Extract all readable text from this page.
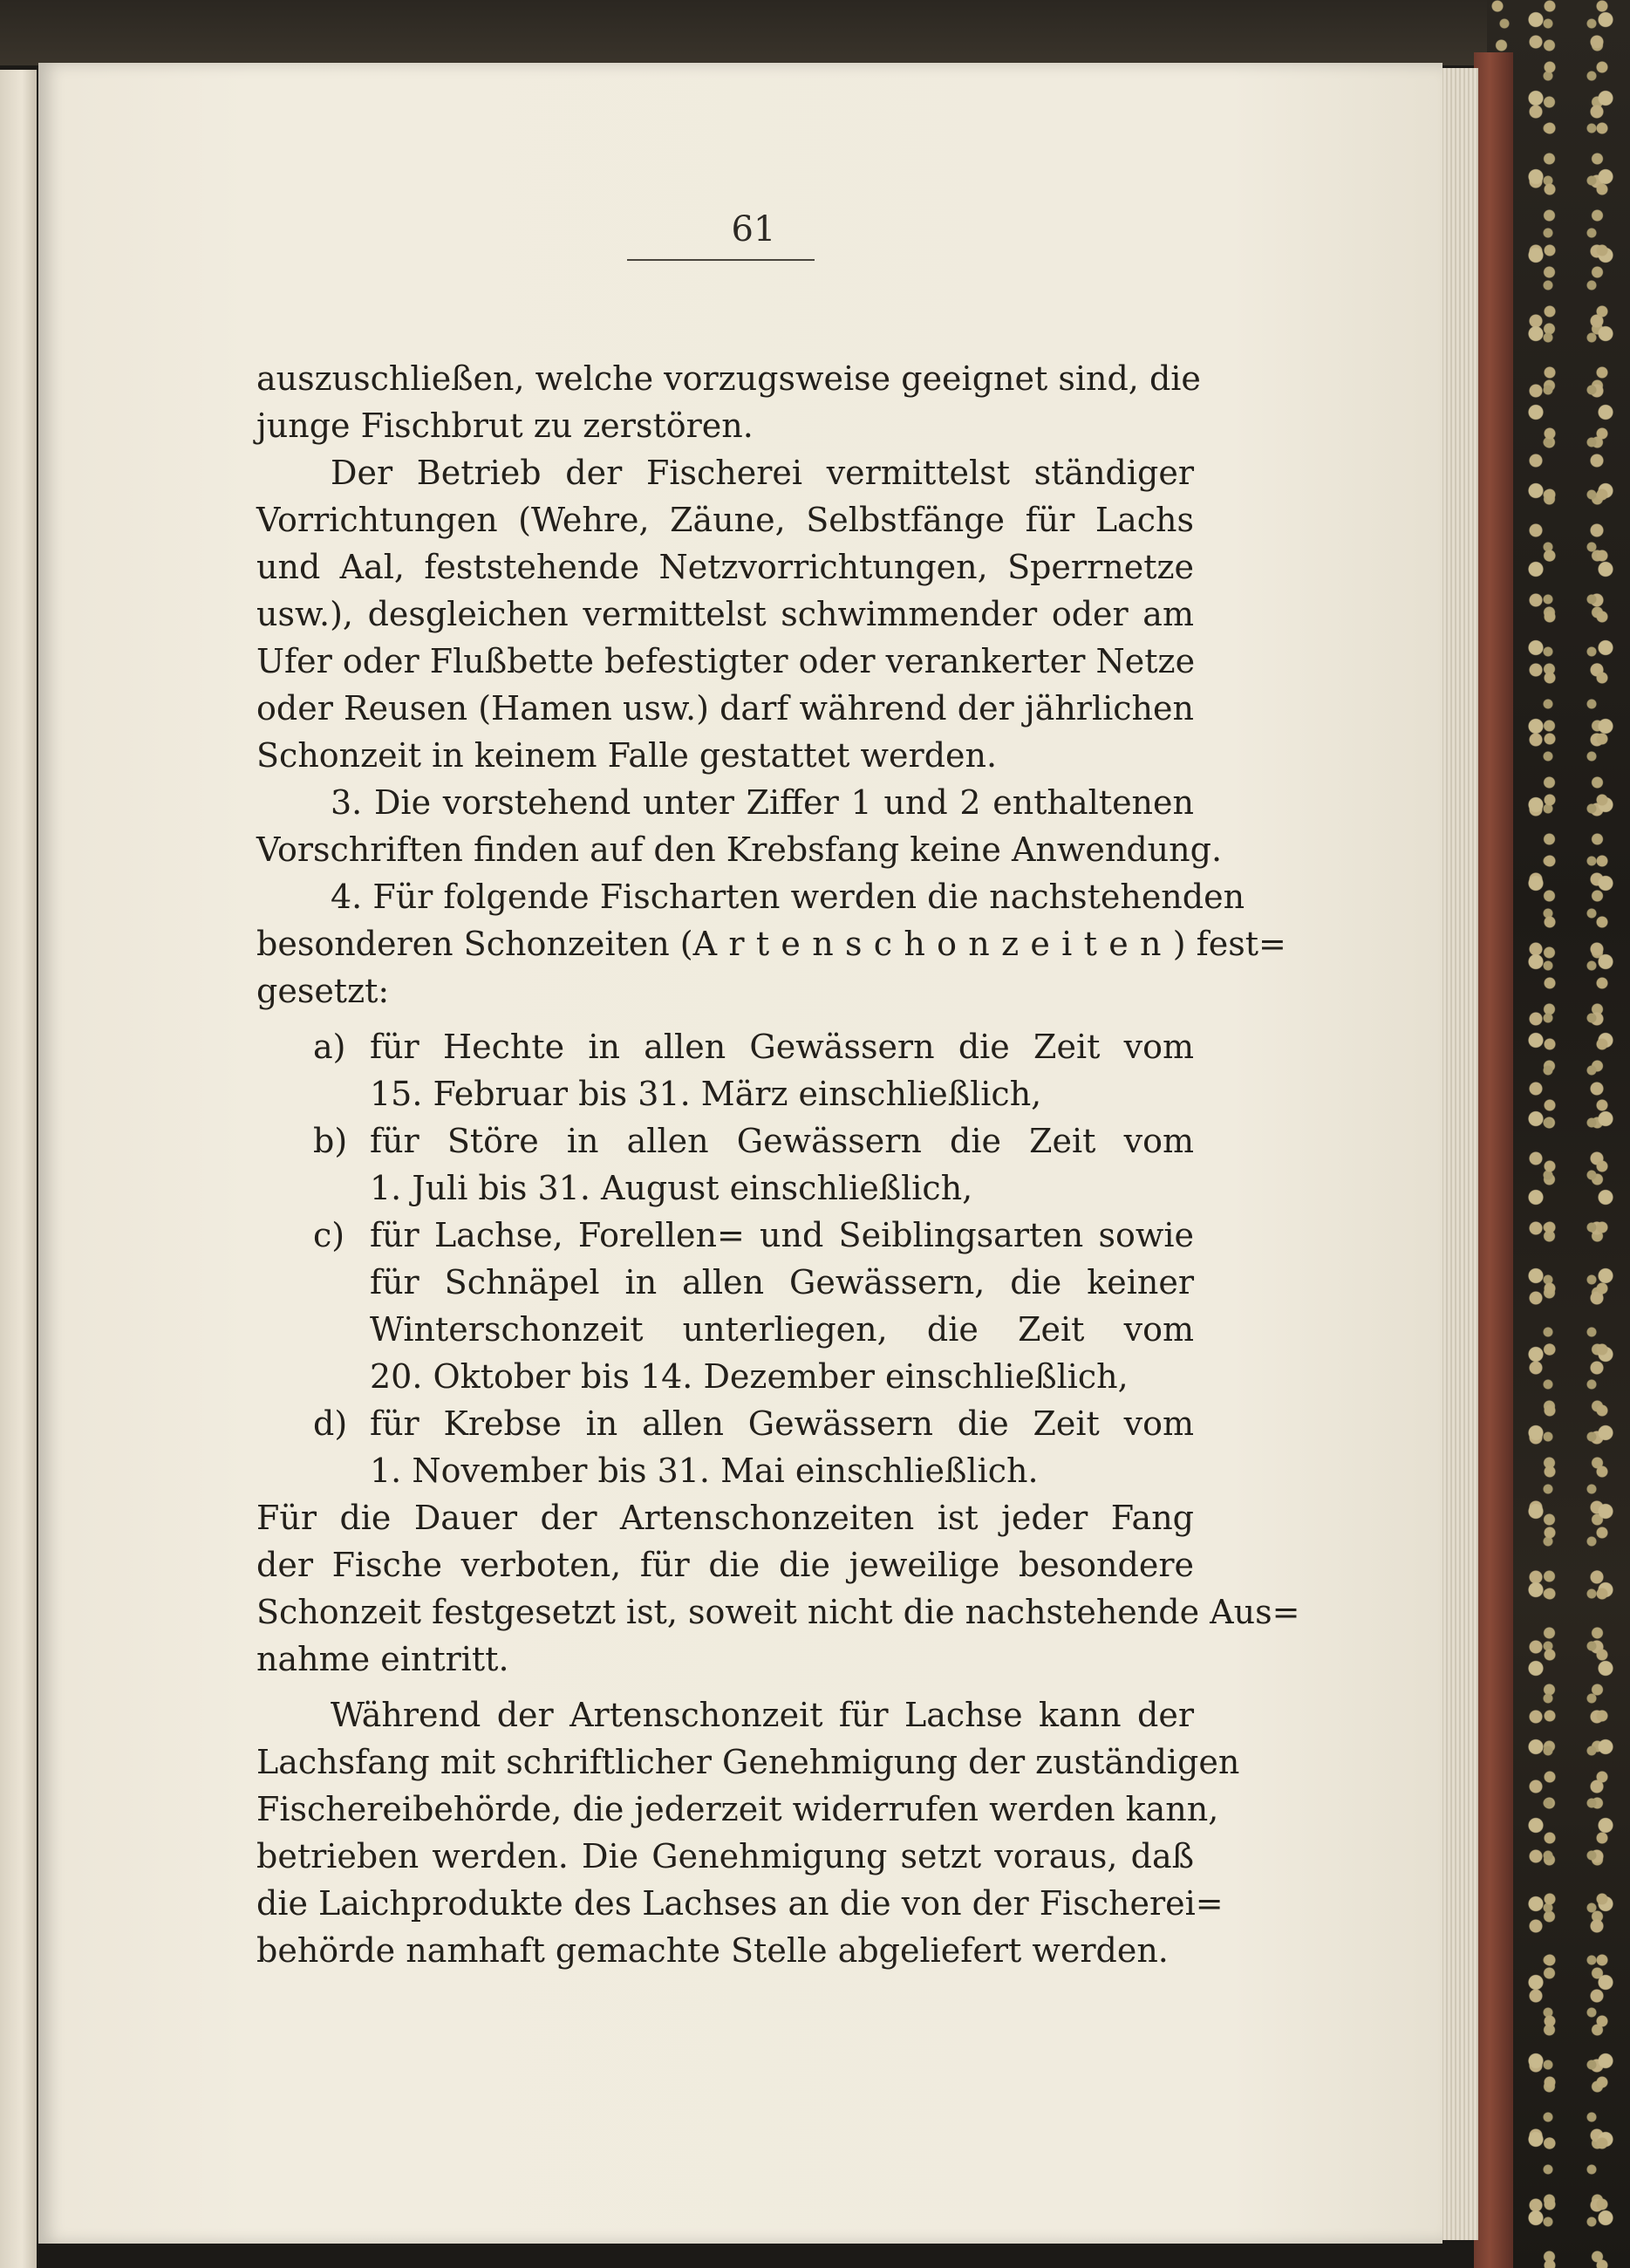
61
auszuschließen, welche vorzugsweise geeignet sind, die
junge Fischbrut zu zerstören.
Der Betrieb der Fischerei vermittelst ständiger
Vorrichtungen (Wehre, Zäune, Selbstfänge für Lachs
und Aal, feststehende Netzvorrichtungen, Sperrnetze
usw.), desgleichen vermittelst schwimmender oder am
Ufer oder Flußbette befestigter oder verankerter Netze
oder Reusen (Hamen usw.) darf während der jährlichen
Schonzeit in keinem Falle gestattet werden.
3. Die vorstehend unter Ziffer 1 und 2 enthaltenen
Vorschriften finden auf den Krebsfang keine Anwendung.
4. Für folgende Fischarten werden die nachstehenden
besonderen Schonzeiten (Artenschonzeiten) fest=
gesetzt:
a) für Hechte in allen Gewässern die Zeit vom
15. Februar bis 31. März einschließlich,
b) für Störe in allen Gewässern die Zeit vom
1. Juli bis 31. August einschließlich,
c) für Lachse, Forellen= und Seiblingsarten sowie
für Schnäpel in allen Gewässern, die keiner
Winterschonzeit unterliegen, die Zeit vom
20. Oktober bis 14. Dezember einschließlich,
d) für Krebse in allen Gewässern die Zeit vom
1. November bis 31. Mai einschließlich.
Für die Dauer der Artenschonzeiten ist jeder Fang
der Fische verboten, für die die jeweilige besondere
Schonzeit festgesetzt ist, soweit nicht die nachstehende Aus=
nahme eintritt.
Während der Artenschonzeit für Lachse kann der
Lachsfang mit schriftlicher Genehmigung der zuständigen
Fischereibehörde, die jederzeit widerrufen werden kann,
betrieben werden. Die Genehmigung setzt voraus, daß
die Laichprodukte des Lachses an die von der Fischerei=
behörde namhaft gemachte Stelle abgeliefert werden.
